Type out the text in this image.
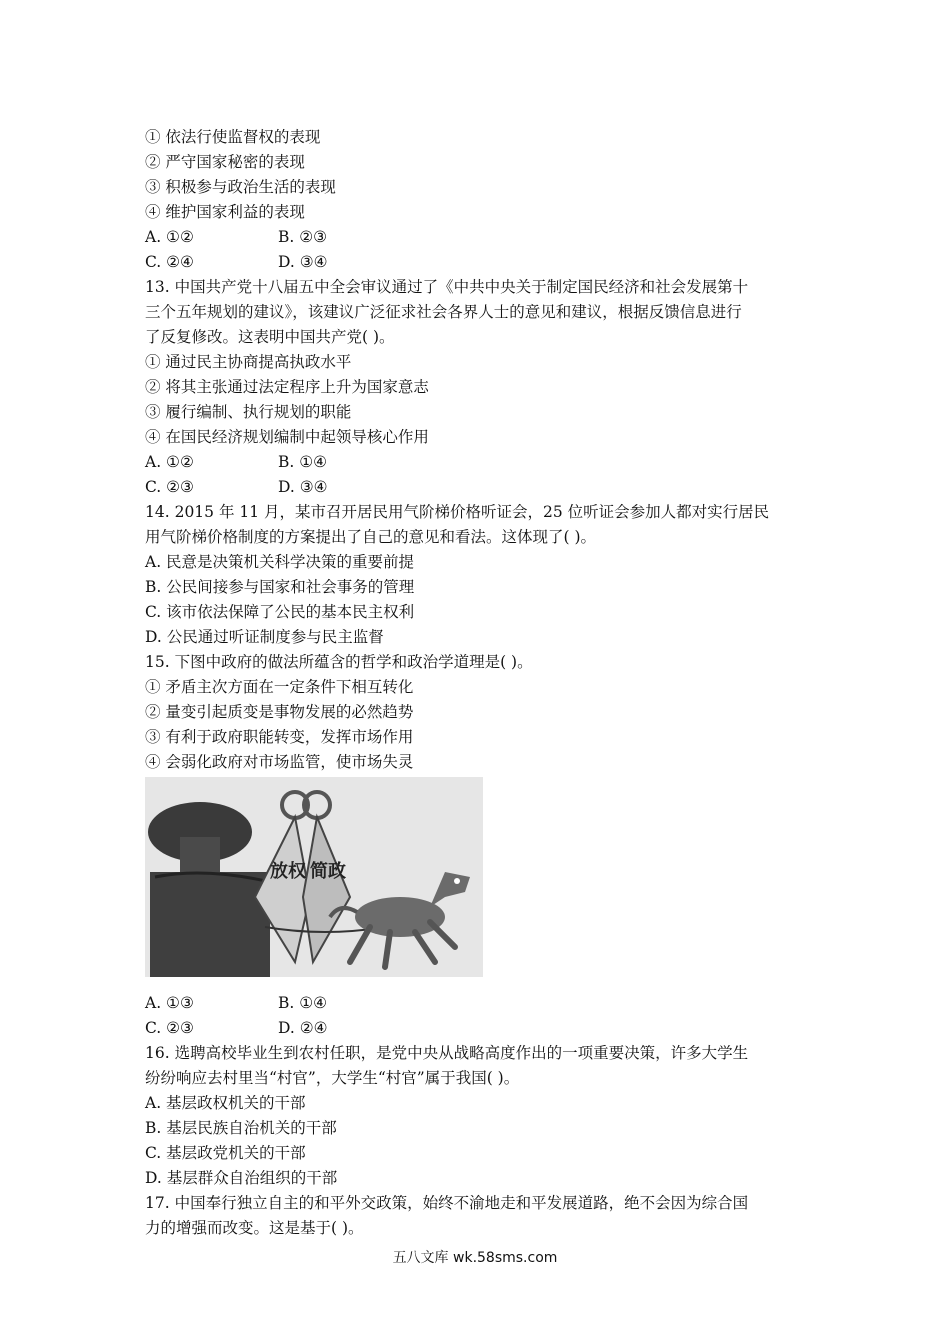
① 依法行使监督权的表现
② 严守国家秘密的表现
③ 积极参与政治生活的表现
④ 维护国家利益的表现
A. ①②	B. ②③
C. ②④	D. ③④
13. 中国共产党十八届五中全会审议通过了《中共中央关于制定国民经济和社会发展第十
三个五年规划的建议》，该建议广泛征求社会各界人士的意见和建议，根据反馈信息进行
了反复修改。这表明中国共产党( )。
① 通过民主协商提高执政水平
② 将其主张通过法定程序上升为国家意志
③ 履行编制、执行规划的职能
④ 在国民经济规划编制中起领导核心作用
A. ①②	B. ①④
C. ②③	D. ③④
14. 2015 年 11 月，某市召开居民用气阶梯价格听证会，25 位听证会参加人都对实行居民
用气阶梯价格制度的方案提出了自己的意见和看法。这体现了( )。
A. 民意是决策机关科学决策的重要前提
B. 公民间接参与国家和社会事务的管理
C. 该市依法保障了公民的基本民主权利
D. 公民通过听证制度参与民主监督
15. 下图中政府的做法所蕴含的哲学和政治学道理是( )。
① 矛盾主次方面在一定条件下相互转化
② 量变引起质变是事物发展的必然趋势
③ 有利于政府职能转变，发挥市场作用
④ 会弱化政府对市场监管，使市场失灵
放权 简政
A. ①③	B. ①④
C. ②③	D. ②④
16. 选聘高校毕业生到农村任职，是党中央从战略高度作出的一项重要决策，许多大学生
纷纷响应去村里当“村官”，大学生“村官”属于我国( )。
A. 基层政权机关的干部
B. 基层民族自治机关的干部
C. 基层政党机关的干部
D. 基层群众自治组织的干部
17. 中国奉行独立自主的和平外交政策，始终不渝地走和平发展道路，绝不会因为综合国
力的增强而改变。这是基于( )。
五八文库 wk.58sms.com
